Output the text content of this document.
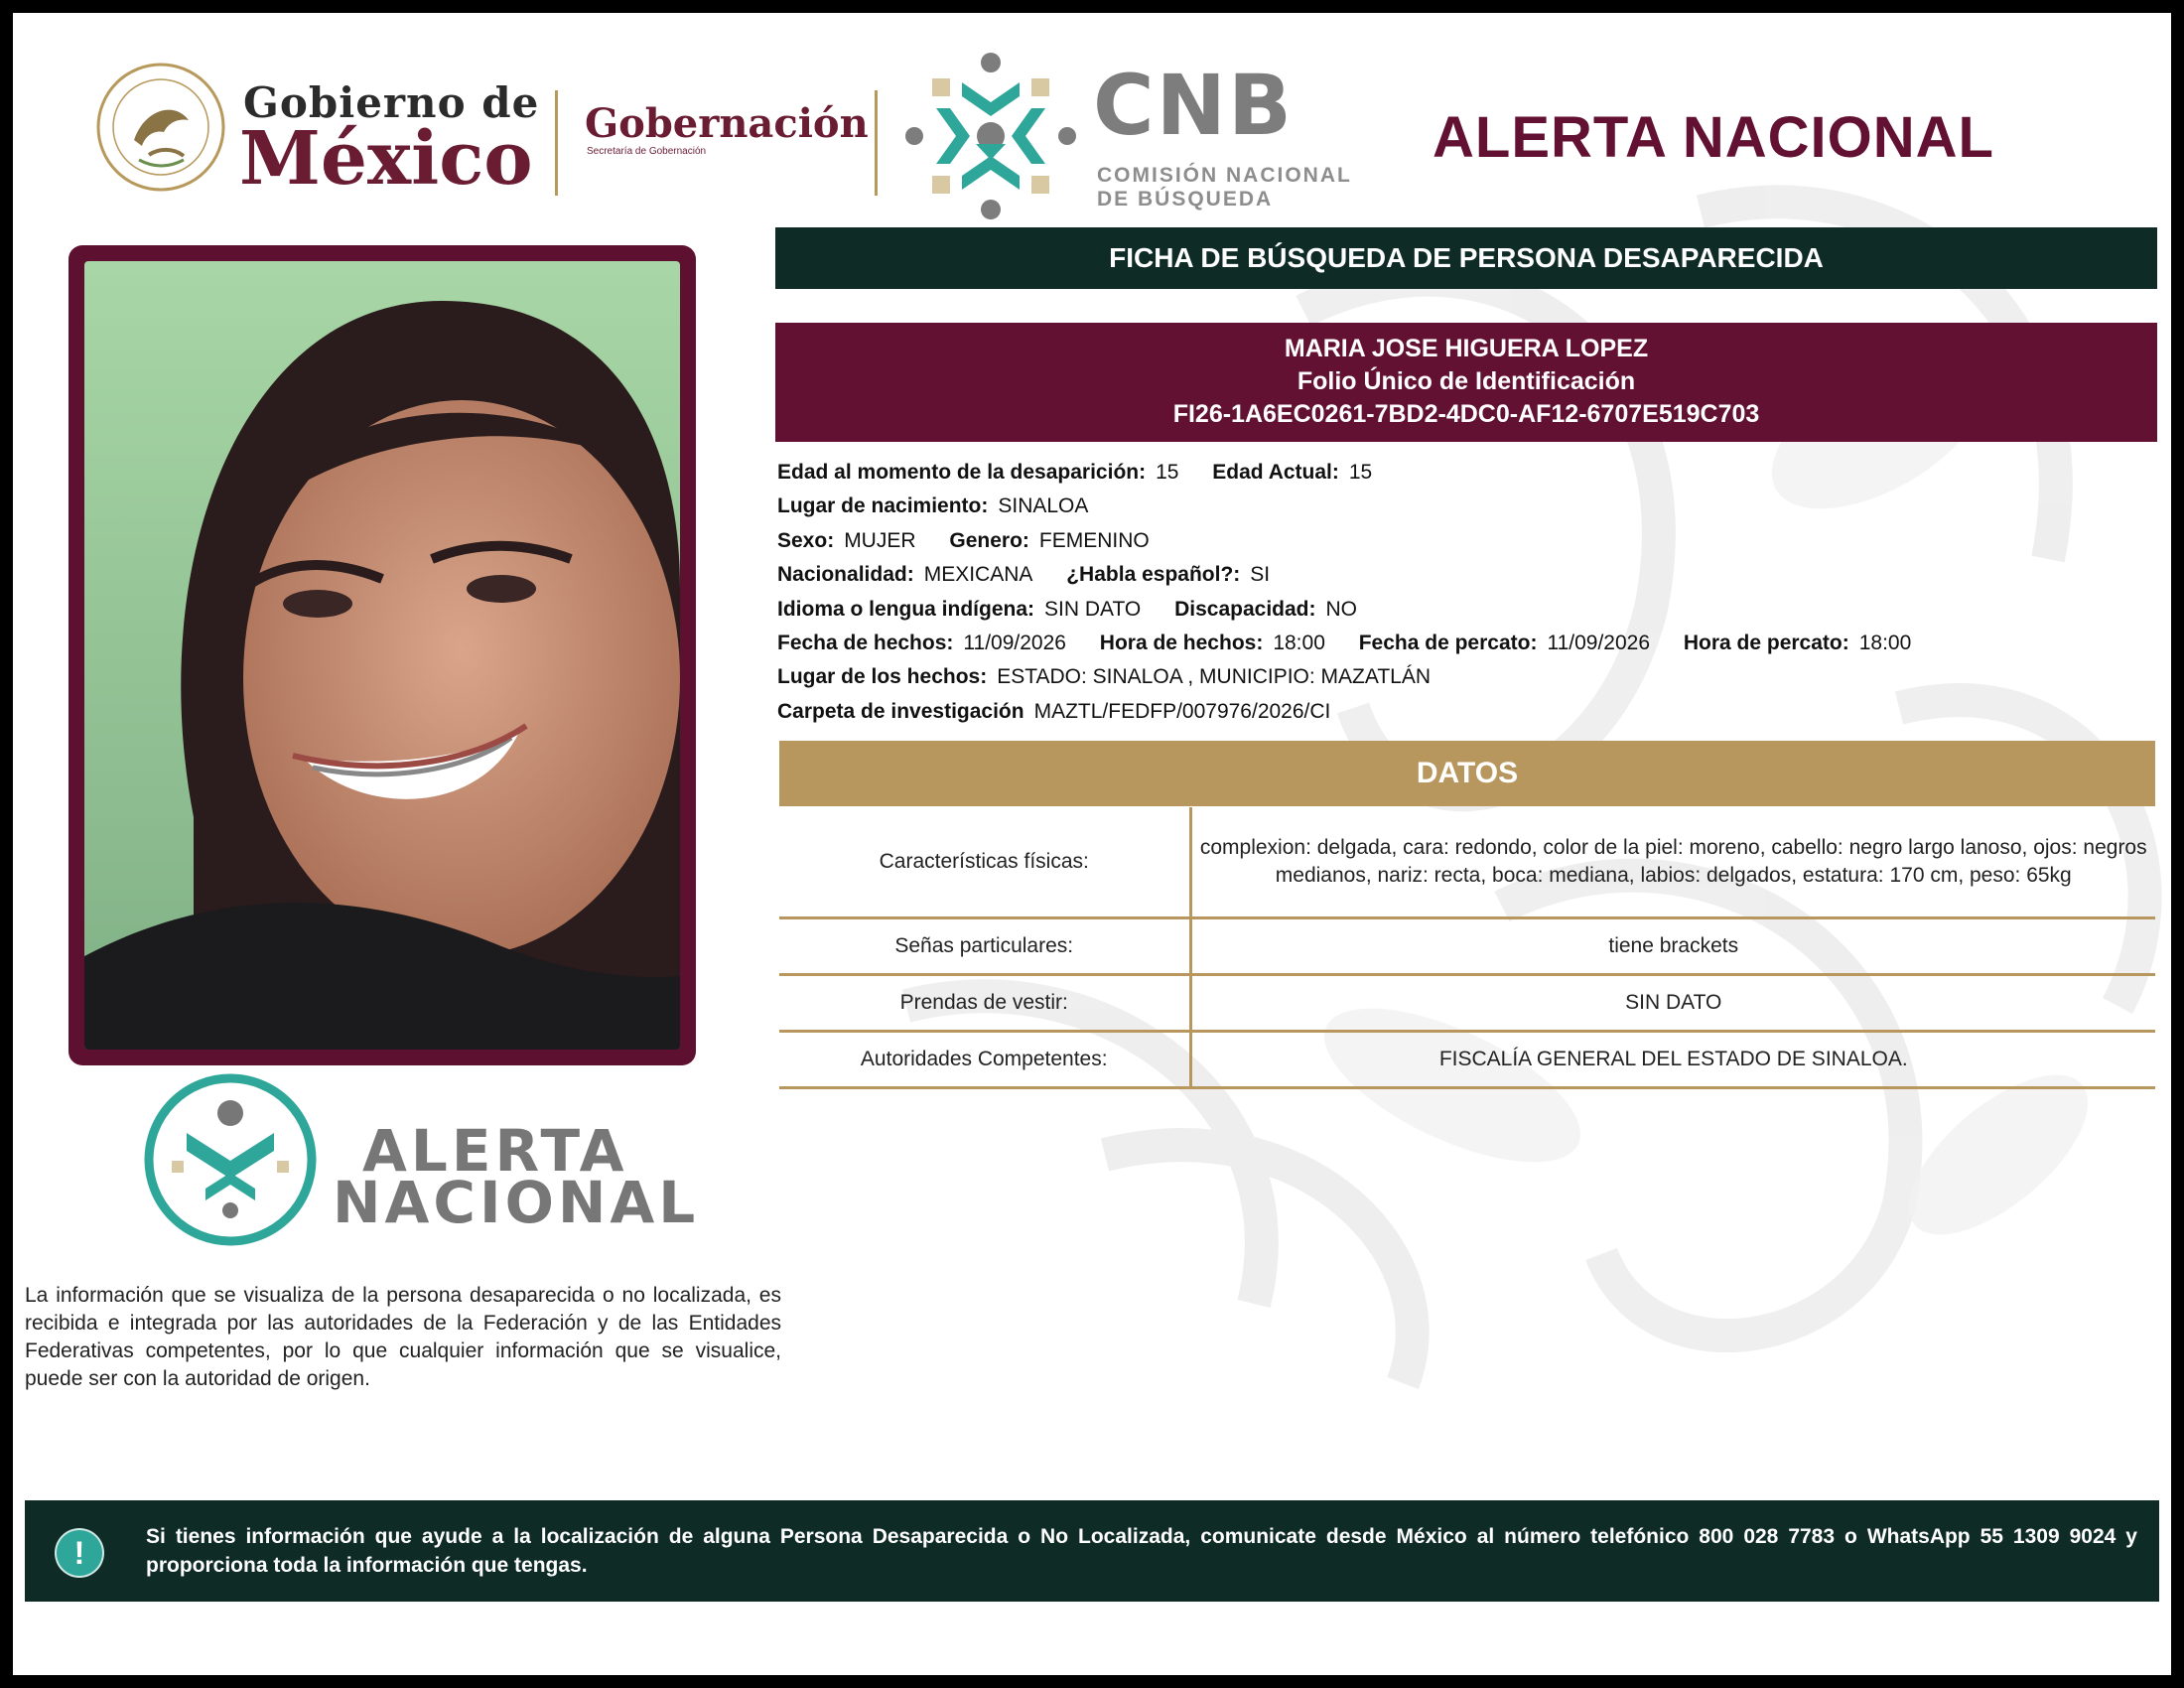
Gobierno de
México Gobernación
Secretaría de Gobernación	CNB
COMISIÓN NACIONAL
DE BÚSQUEDA
ALERTA NACIONAL
ALERTA
NACIONAL
La información que se visualiza de la persona desaparecida o no localizada, es recibida e integrada por las autoridades de la Federación y de las Entidades Federativas competentes, por lo que cualquier información que se visualice, puede ser con la autoridad de origen.
FICHA DE BÚSQUEDA DE PERSONA DESAPARECIDA
MARIA JOSE HIGUERA LOPEZ
Folio Único de Identificación
FI26-1A6EC0261-7BD2-4DC0-AF12-6707E519C703
Edad al momento de la desaparición: 15 Edad Actual: 15
Lugar de nacimiento: SINALOA
Sexo: MUJER Genero: FEMENINO
Nacionalidad: MEXICANA ¿Habla español?: SI
Idioma o lengua indígena: SIN DATO Discapacidad: NO
Fecha de hechos: 11/09/2026 Hora de hechos: 18:00 Fecha de percato: 11/09/2026 Hora de percato: 18:00
Lugar de los hechos: ESTADO: SINALOA , MUNICIPIO: MAZATLÁN
Carpeta de investigación MAZTL/FEDFP/007976/2026/CI
DATOS
Características físicas:	complexion: delgada, cara: redondo, color de la piel: moreno, cabello: negro largo lanoso, ojos: negros medianos, nariz: recta, boca: mediana, labios: delgados, estatura: 170 cm, peso: 65kg
Señas particulares:	tiene brackets
Prendas de vestir:	SIN DATO
Autoridades Competentes:	FISCALÍA GENERAL DEL ESTADO DE SINALOA.
!	Si tienes información que ayude a la localización de alguna Persona Desaparecida o No Localizada, comunicate desde México al número telefónico 800 028 7783 o WhatsApp 55 1309 9024 y proporciona toda la información que tengas.
